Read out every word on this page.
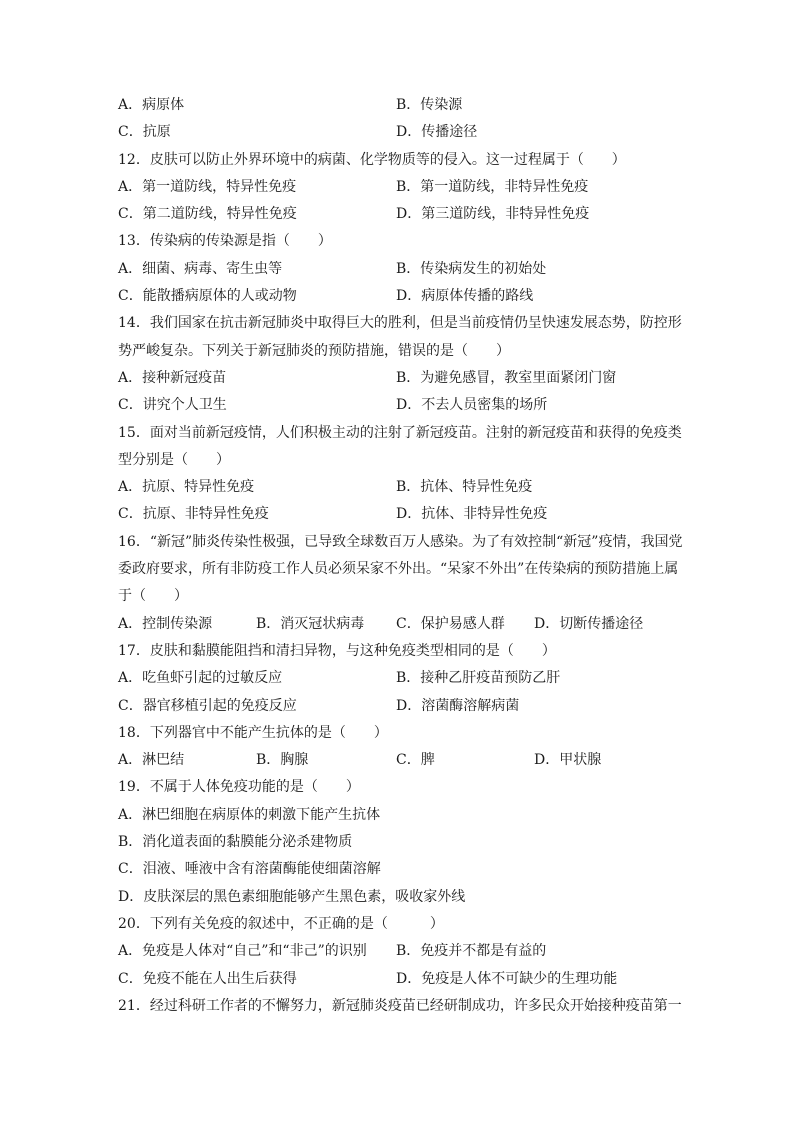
A．病原体	B．传染源
C．抗原	D．传播途径
12．皮肤可以防止外界环境中的病菌、化学物质等的侵入。这一过程属于（　　）
A．第一道防线，特异性免疫	B．第一道防线，非特异性免疫
C．第二道防线，特异性免疫	D．第三道防线，非特异性免疫
13．传染病的传染源是指（　　）
A．细菌、病毒、寄生虫等	B．传染病发生的初始处
C．能散播病原体的人或动物	D．病原体传播的路线
14．我们国家在抗击新冠肺炎中取得巨大的胜利，但是当前疫情仍呈快速发展态势，防控形
势严峻复杂。下列关于新冠肺炎的预防措施，错误的是（　　）
A．接种新冠疫苗	B．为避免感冒，教室里面紧闭门窗
C．讲究个人卫生	D．不去人员密集的场所
15．面对当前新冠疫情，人们积极主动的注射了新冠疫苗。注射的新冠疫苗和获得的免疫类
型分别是（　　）
A．抗原、特异性免疫	B．抗体、特异性免疫
C．抗原、非特异性免疫	D．抗体、非特异性免疫
16．“新冠”肺炎传染性极强，已导致全球数百万人感染。为了有效控制“新冠”疫情，我国党
委政府要求，所有非防疫工作人员必须呆家不外出。“呆家不外出”在传染病的预防措施上属
于（　　）
A．控制传染源	B．消灭冠状病毒 C．保护易感人群 D．切断传播途径
17．皮肤和黏膜能阻挡和清扫异物，与这种免疫类型相同的是（　　）
A．吃鱼虾引起的过敏反应	B．接种乙肝疫苗预防乙肝
C．器官移植引起的免疫反应	D．溶菌酶溶解病菌
18．下列器官中不能产生抗体的是（　　）
A．淋巴结	B．胸腺	C．脾	D．甲状腺
19．不属于人体免疫功能的是（　　）
A．淋巴细胞在病原体的刺激下能产生抗体
B．消化道表面的黏膜能分泌杀建物质
C．泪液、唾液中含有溶菌酶能使细菌溶解
D．皮肤深层的黑色素细胞能够产生黑色素，吸收家外线
20．下列有关免疫的叙述中，不正确的是（　　　）
A．免疫是人体对“自己”和“非己”的识别 B．免疫并不都是有益的
C．免疫不能在人出生后获得	D．免疫是人体不可缺少的生理功能
21．经过科研工作者的不懈努力，新冠肺炎疫苗已经研制成功，许多民众开始接种疫苗第一
